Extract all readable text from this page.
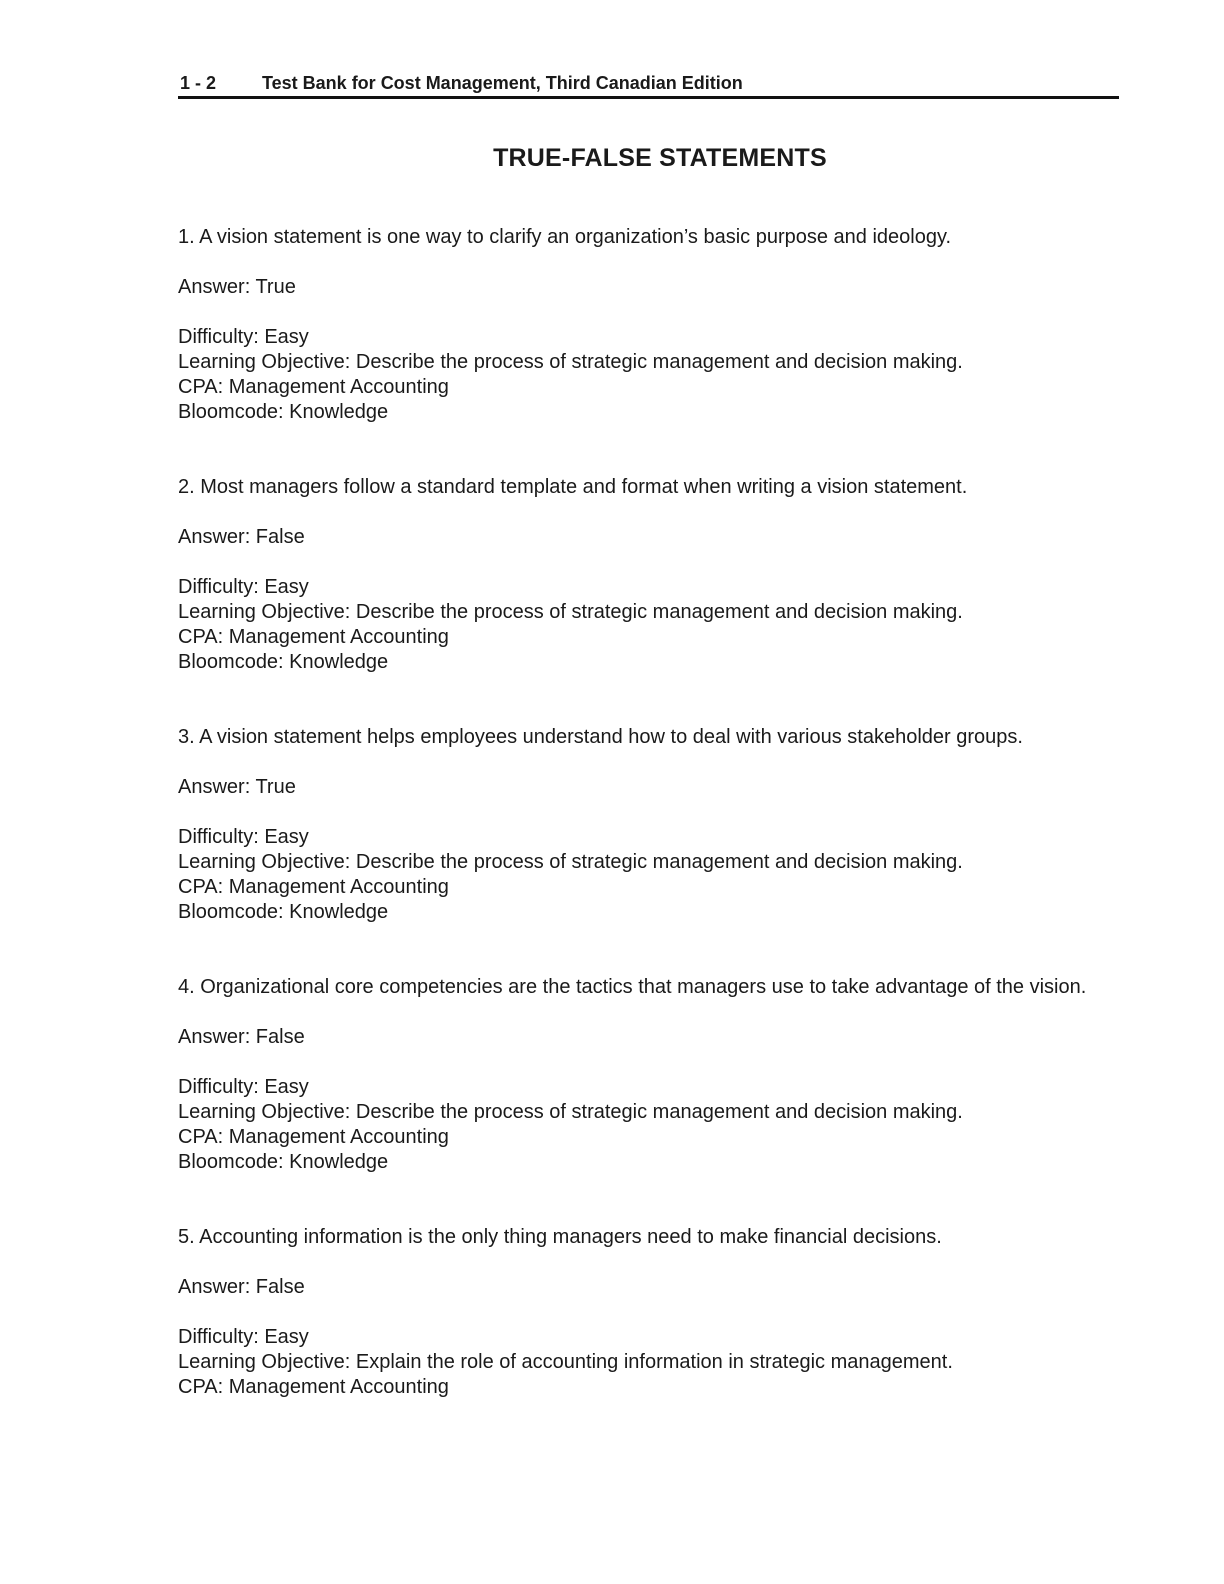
1 - 2	Test Bank for Cost Management, Third Canadian Edition
TRUE-FALSE STATEMENTS

1. A vision statement is one way to clarify an organization’s basic purpose and ideology.

Answer: True

Difficulty: Easy
Learning Objective: Describe the process of strategic management and decision making.
CPA: Management Accounting
Bloomcode: Knowledge

2. Most managers follow a standard template and format when writing a vision statement.

Answer: False

Difficulty: Easy
Learning Objective: Describe the process of strategic management and decision making.
CPA: Management Accounting
Bloomcode: Knowledge

3. A vision statement helps employees understand how to deal with various stakeholder groups.

Answer: True

Difficulty: Easy
Learning Objective: Describe the process of strategic management and decision making.
CPA: Management Accounting
Bloomcode: Knowledge

4. Organizational core competencies are the tactics that managers use to take advantage of the vision.

Answer: False

Difficulty: Easy
Learning Objective: Describe the process of strategic management and decision making.
CPA: Management Accounting
Bloomcode: Knowledge

5. Accounting information is the only thing managers need to make financial decisions.

Answer: False

Difficulty: Easy
Learning Objective: Explain the role of accounting information in strategic management.
CPA: Management Accounting
